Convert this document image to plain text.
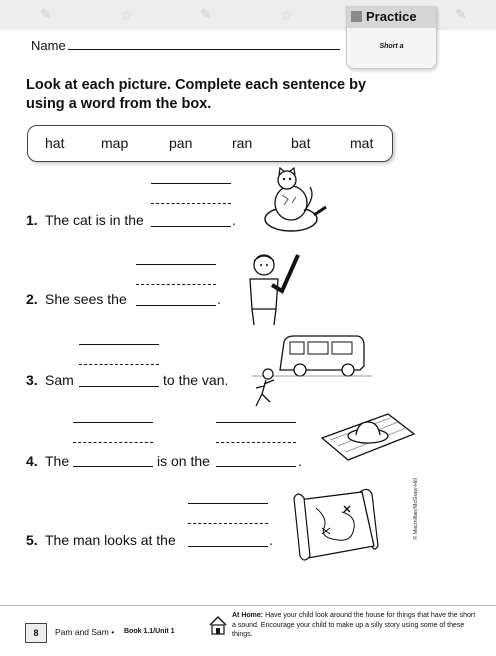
✎	☆	✎	☆	✎
Name
Practice
Short a

Look at each picture. Complete each sentence by using a word from the box.

hat	map	pan	ran	bat	mat
1. The cat is in the	.
2. She sees the	.
3. Sam	to the van.
4. The	is on the	.
5. The man looks at the	.	© Macmillan/McGraw-Hill
8	Pam and Sam • Book 1.1/Unit 1
At Home: Have your child look around the house for things that have the short a sound. Encourage your child to make up a silly story using some of these things.
